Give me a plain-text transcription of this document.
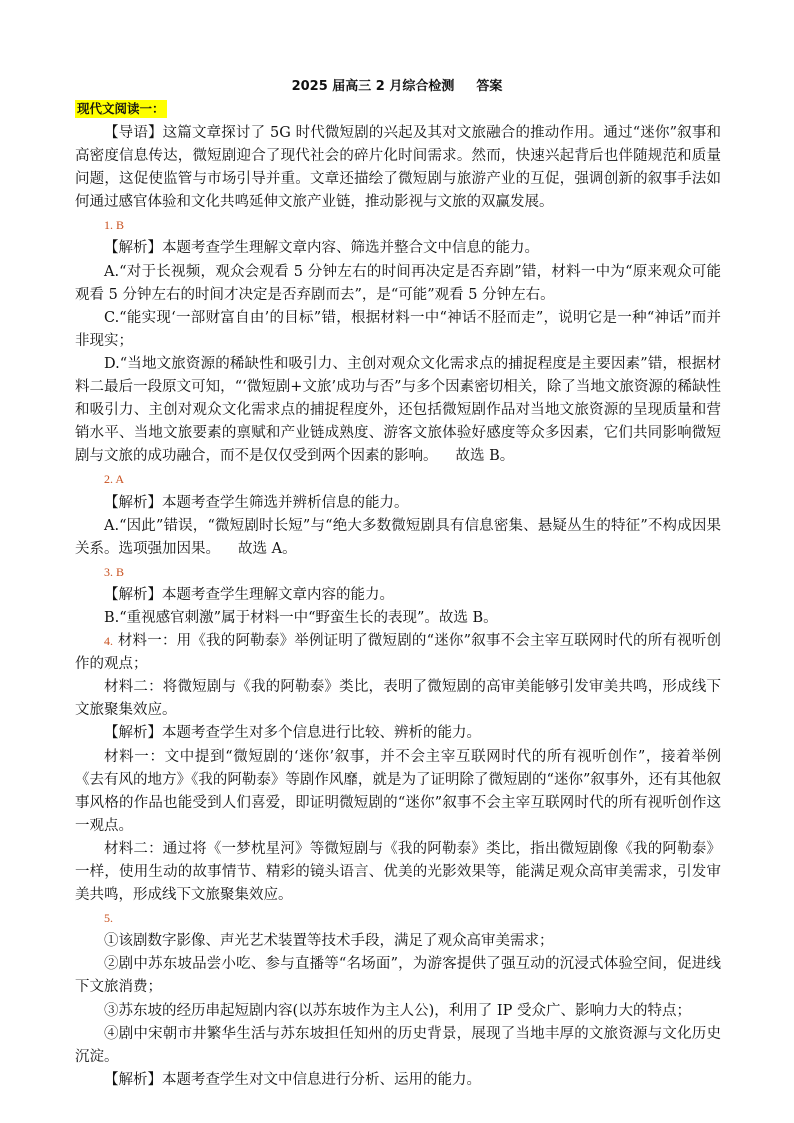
2025 届高三 2 月综合检测 答案
现代文阅读一：

【导语】这篇文章探讨了 5G 时代微短剧的兴起及其对文旅融合的推动作用。通过“迷你”叙事和高密度信息传达，微短剧迎合了现代社会的碎片化时间需求。然而，快速兴起背后也伴随规范和质量问题，这促使监管与市场引导并重。文章还描绘了微短剧与旅游产业的互促，强调创新的叙事手法如何通过感官体验和文化共鸣延伸文旅产业链，推动影视与文旅的双赢发展。

1. B

【解析】本题考查学生理解文章内容、筛选并整合文中信息的能力。

A.“对于长视频，观众会观看 5 分钟左右的时间再决定是否弃剧”错，材料一中为“原来观众可能观看 5 分钟左右的时间才决定是否弃剧而去”，是“可能”观看 5 分钟左右。

C.“能实现‘一部财富自由’的目标”错，根据材料一中“神话不胫而走”，说明它是一种“神话”而并非现实；

D.“当地文旅资源的稀缺性和吸引力、主创对观众文化需求点的捕捉程度是主要因素”错，根据材料二最后一段原文可知，“‘微短剧+文旅’成功与否”与多个因素密切相关，除了当地文旅资源的稀缺性和吸引力、主创对观众文化需求点的捕捉程度外，还包括微短剧作品对当地文旅资源的呈现质量和营销水平、当地文旅要素的禀赋和产业链成熟度、游客文旅体验好感度等众多因素，它们共同影响微短剧与文旅的成功融合，而不是仅仅受到两个因素的影响。 故选 B。

2. A

【解析】本题考查学生筛选并辨析信息的能力。

A.“因此”错误，“微短剧时长短”与“绝大多数微短剧具有信息密集、悬疑丛生的特征”不构成因果关系。选项强加因果。 故选 A。

3. B

【解析】本题考查学生理解文章内容的能力。

B.“重视感官刺激”属于材料一中“野蛮生长的表现”。故选 B。

4. 材料一：用《我的阿勒泰》举例证明了微短剧的“迷你”叙事不会主宰互联网时代的所有视听创作的观点；

材料二：将微短剧与《我的阿勒泰》类比，表明了微短剧的高审美能够引发审美共鸣，形成线下文旅聚集效应。

【解析】本题考查学生对多个信息进行比较、辨析的能力。

材料一：文中提到“微短剧的‘迷你’叙事，并不会主宰互联网时代的所有视听创作”，接着举例《去有风的地方》《我的阿勒泰》等剧作风靡，就是为了证明除了微短剧的“迷你”叙事外，还有其他叙事风格的作品也能受到人们喜爱，即证明微短剧的“迷你”叙事不会主宰互联网时代的所有视听创作这一观点。

材料二：通过将《一梦枕星河》等微短剧与《我的阿勒泰》类比，指出微短剧像《我的阿勒泰》一样，使用生动的故事情节、精彩的镜头语言、优美的光影效果等，能满足观众高审美需求，引发审美共鸣，形成线下文旅聚集效应。

5.

①该剧数字影像、声光艺术装置等技术手段，满足了观众高审美需求；

②剧中苏东坡品尝小吃、参与直播等“名场面”，为游客提供了强互动的沉浸式体验空间，促进线下文旅消费；

③苏东坡的经历串起短剧内容(以苏东坡作为主人公)，利用了 IP 受众广、影响力大的特点；

④剧中宋朝市井繁华生活与苏东坡担任知州的历史背景，展现了当地丰厚的文旅资源与文化历史沉淀。

【解析】本题考查学生对文中信息进行分析、运用的能力。
